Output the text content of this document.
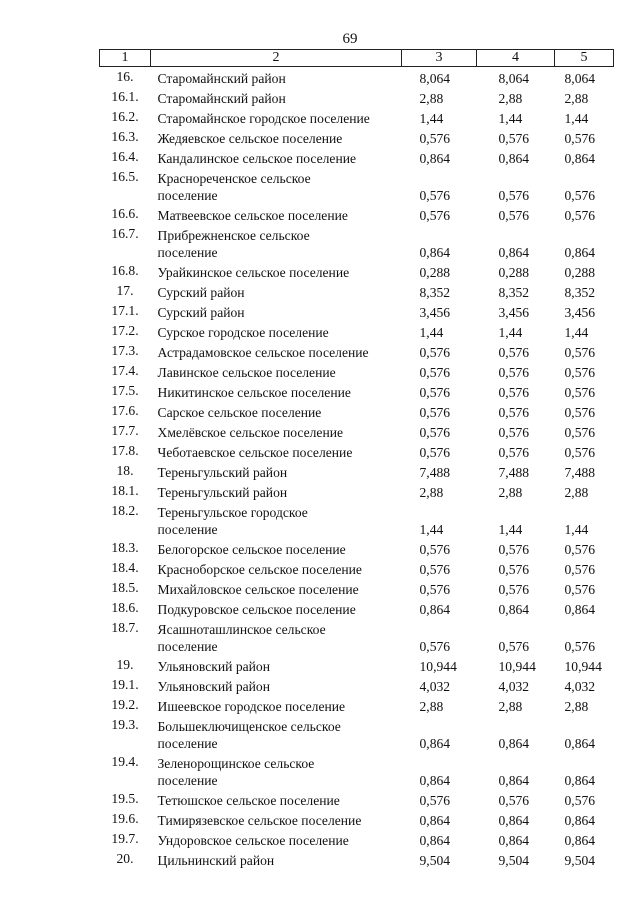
69
1	2	3	4	5
16.	Старомайнский район	8,064	8,064	8,064
16.1.	Старомайнский район	2,88	2,88	2,88
16.2.	Старомайнское городское поселение	1,44	1,44	1,44
16.3.	Жедяевское сельское поселение	0,576	0,576	0,576
16.4.	Кандалинское сельское поселение	0,864	0,864	0,864
16.5.	Краснореченское сельское
поселение	0,576	0,576	0,576
16.6.	Матвеевское сельское поселение	0,576	0,576	0,576
16.7.	Прибрежненское сельское
поселение	0,864	0,864	0,864
16.8.	Урайкинское сельское поселение	0,288	0,288	0,288
17.	Сурский район	8,352	8,352	8,352
17.1.	Сурский район	3,456	3,456	3,456
17.2.	Сурское городское поселение	1,44	1,44	1,44
17.3.	Астрадамовское сельское поселение	0,576	0,576	0,576
17.4.	Лавинское сельское поселение	0,576	0,576	0,576
17.5.	Никитинское сельское поселение	0,576	0,576	0,576
17.6.	Сарское сельское поселение	0,576	0,576	0,576
17.7.	Хмелёвское сельское поселение	0,576	0,576	0,576
17.8.	Чеботаевское сельское поселение	0,576	0,576	0,576
18.	Тереньгульский район	7,488	7,488	7,488
18.1.	Тереньгульский район	2,88	2,88	2,88
18.2.	Тереньгульское городское
поселение	1,44	1,44	1,44
18.3.	Белогорское сельское поселение	0,576	0,576	0,576
18.4.	Красноборское сельское поселение	0,576	0,576	0,576
18.5.	Михайловское сельское поселение	0,576	0,576	0,576
18.6.	Подкуровское сельское поселение	0,864	0,864	0,864
18.7.	Ясашноташлинское сельское
поселение	0,576	0,576	0,576
19.	Ульяновский район	10,944	10,944	10,944
19.1.	Ульяновский район	4,032	4,032	4,032
19.2.	Ишеевское городское поселение	2,88	2,88	2,88
19.3.	Большеключищенское сельское
поселение	0,864	0,864	0,864
19.4.	Зеленорощинское сельское
поселение	0,864	0,864	0,864
19.5.	Тетюшское сельское поселение	0,576	0,576	0,576
19.6.	Тимирязевское сельское поселение	0,864	0,864	0,864
19.7.	Ундоровское сельское поселение	0,864	0,864	0,864
20.	Цильнинский район	9,504	9,504	9,504
